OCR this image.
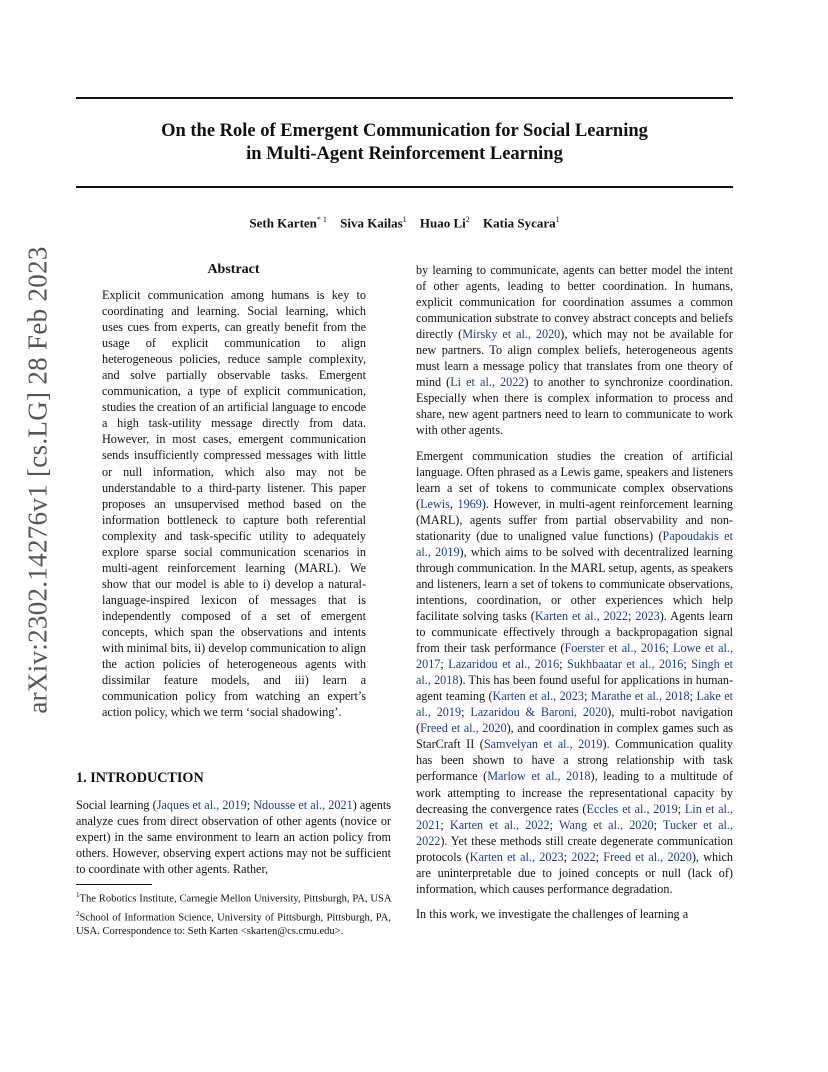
arXiv:2302.14276v1 [cs.LG] 28 Feb 2023
On the Role of Emergent Communication for Social Learning
in Multi-Agent Reinforcement Learning
Seth Karten$^{* 1}$ Siva Kailas$^1$ Huao Li$^2$ Katia Sycara$^1$
Abstract

Explicit communication among humans is key to coordinating and learning. Social learning, which uses cues from experts, can greatly benefit from the usage of explicit communication to align heterogeneous policies, reduce sample complexity, and solve partially observable tasks. Emergent communication, a type of explicit communication, studies the creation of an artificial language to encode a high task-utility message directly from data. However, in most cases, emergent communication sends insufficiently compressed messages with little or null information, which also may not be understandable to a third-party listener. This paper proposes an unsupervised method based on the information bottleneck to capture both referential complexity and task-specific utility to adequately explore sparse social communication scenarios in multi-agent reinforcement learning (MARL). We show that our model is able to i) develop a natural-language-inspired lexicon of messages that is independently composed of a set of emergent concepts, which span the observations and intents with minimal bits, ii) develop communication to align the action policies of heterogeneous agents with dissimilar feature models, and iii) learn a communication policy from watching an expert’s action policy, which we term ‘social shadowing’.

1. INTRODUCTION

Social learning (Jaques et al., 2019; Ndousse et al., 2021) agents analyze cues from direct observation of other agents (novice or expert) in the same environment to learn an action policy from others. However, observing expert actions may not be sufficient to coordinate with other agents. Rather,

$^1$The Robotics Institute, Carnegie Mellon University, Pittsburgh, PA, USA $^2$School of Information Science, University of Pittsburgh, Pittsburgh, PA, USA. Correspondence to: Seth Karten <skarten@cs.cmu.edu>.

by learning to communicate, agents can better model the intent of other agents, leading to better coordination. In humans, explicit communication for coordination assumes a common communication substrate to convey abstract concepts and beliefs directly (Mirsky et al., 2020), which may not be available for new partners. To align complex beliefs, heterogeneous agents must learn a message policy that translates from one theory of mind (Li et al., 2022) to another to synchronize coordination. Especially when there is complex information to process and share, new agent partners need to learn to communicate to work with other agents.

Emergent communication studies the creation of artificial language. Often phrased as a Lewis game, speakers and listeners learn a set of tokens to communicate complex observations (Lewis, 1969). However, in multi-agent reinforcement learning (MARL), agents suffer from partial observability and non-stationarity (due to unaligned value functions) (Papoudakis et al., 2019), which aims to be solved with decentralized learning through communication. In the MARL setup, agents, as speakers and listeners, learn a set of tokens to communicate observations, intentions, coordination, or other experiences which help facilitate solving tasks (Karten et al., 2022; 2023). Agents learn to communicate effectively through a backpropagation signal from their task performance (Foerster et al., 2016; Lowe et al., 2017; Lazaridou et al., 2016; Sukhbaatar et al., 2016; Singh et al., 2018). This has been found useful for applications in human-agent teaming (Karten et al., 2023; Marathe et al., 2018; Lake et al., 2019; Lazaridou & Baroni, 2020), multi-robot navigation (Freed et al., 2020), and coordination in complex games such as StarCraft II (Samvelyan et al., 2019). Communication quality has been shown to have a strong relationship with task performance (Marlow et al., 2018), leading to a multitude of work attempting to increase the representational capacity by decreasing the convergence rates (Eccles et al., 2019; Lin et al., 2021; Karten et al., 2022; Wang et al., 2020; Tucker et al., 2022). Yet these methods still create degenerate communication protocols (Karten et al., 2023; 2022; Freed et al., 2020), which are uninterpretable due to joined concepts or null (lack of) information, which causes performance degradation.

In this work, we investigate the challenges of learning a
